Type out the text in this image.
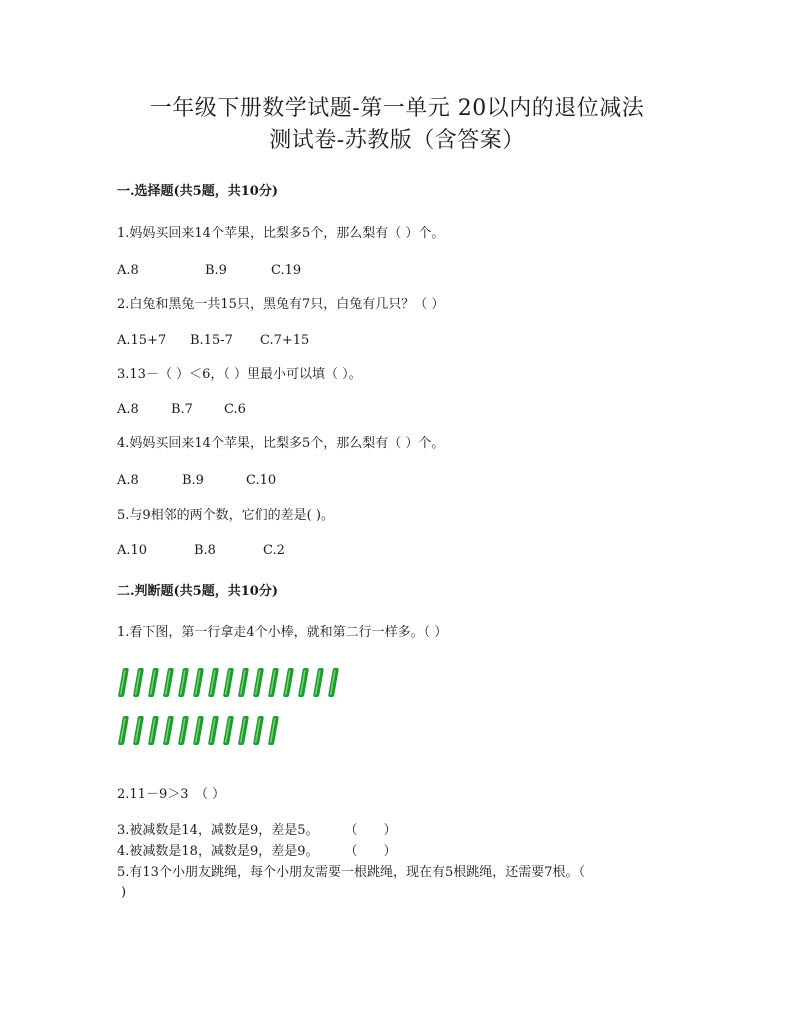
一年级下册数学试题-第一单元 20以内的退位减法
测试卷-苏教版（含答案）
一.选择题(共5题，共10分)
1.妈妈买回来14个苹果，比梨多5个，那么梨有（ ）个。
A.8	B.9	C.19
2.白兔和黑兔一共15只，黑兔有7只，白兔有几只？（ ）
A.15+7 B.15-7 C.7+15
3.13－（ ）＜6，（ ）里最小可以填（ ）。
A.8 B.7 C.6
4.妈妈买回来14个苹果，比梨多5个，那么梨有（ ）个。
A.8	B.9	C.10
5.与9相邻的两个数，它们的差是( )。
A.10	B.8	C.2
二.判断题(共5题，共10分)
1.看下图，第一行拿走4个小棒，就和第二行一样多。（ ）
2.11－9＞3　（ ）
3.被减数是14，减数是9，差是5。　　　（　　）
4.被减数是18，减数是9，差是9。　　　（　　）
5.有13个小朋友跳绳，每个小朋友需要一根跳绳，现在有5根跳绳，还需要7根。（
)
